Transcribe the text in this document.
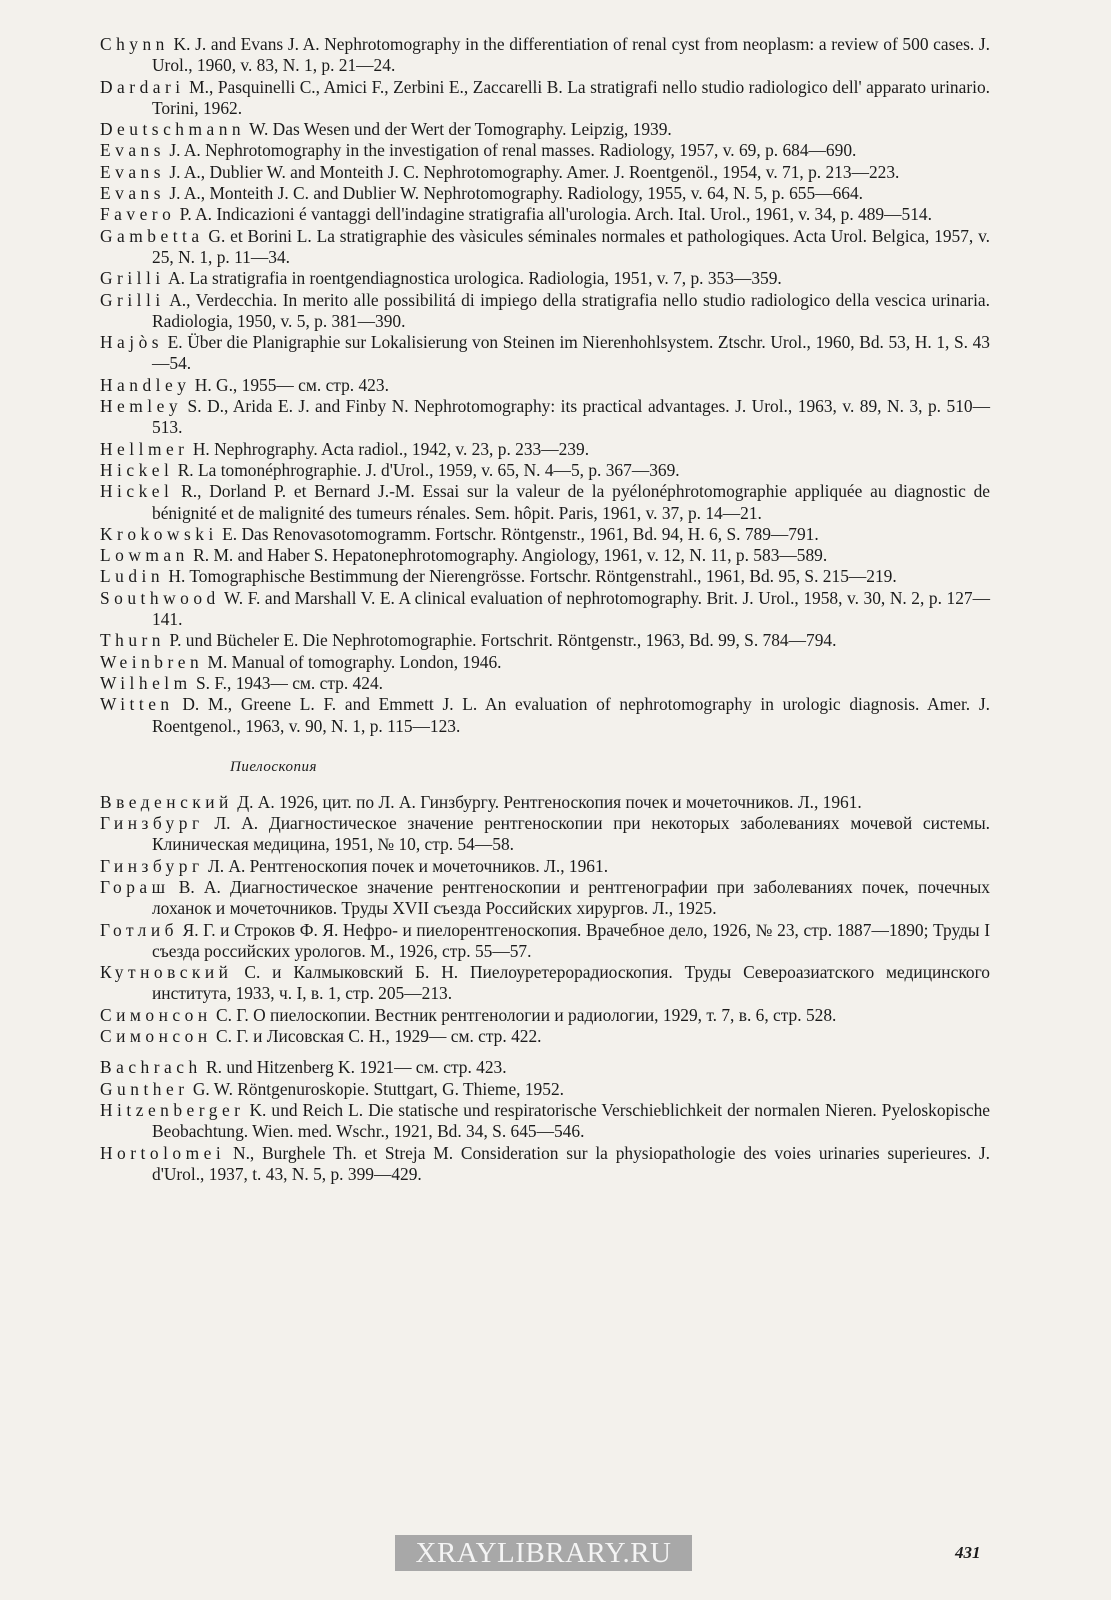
Chynn K. J. and Evans J. A. Nephrotomography in the differentiation of renal cyst from neoplasm: a review of 500 cases. J. Urol., 1960, v. 83, N. 1, p. 21—24.

Dardari M., Pasquinelli C., Amici F., Zerbini E., Zaccarelli B. La stratigrafi nello studio radiologico dell' apparato urinario. Torini, 1962.

Deutschmann W. Das Wesen und der Wert der Tomography. Leipzig, 1939.

Evans J. A. Nephrotomography in the investigation of renal masses. Radiology, 1957, v. 69, p. 684—690.

Evans J. A., Dublier W. and Monteith J. C. Nephrotomography. Amer. J. Roentgenöl., 1954, v. 71, p. 213—223.

Evans J. A., Monteith J. C. and Dublier W. Nephrotomography. Radiology, 1955, v. 64, N. 5, p. 655—664.

Favero P. A. Indicazioni é vantaggi dell'indagine stratigrafia all'urologia. Arch. Ital. Urol., 1961, v. 34, p. 489—514.

Gambetta G. et Borini L. La stratigraphie des vàsicules séminales normales et pathologiques. Acta Urol. Belgica, 1957, v. 25, N. 1, p. 11—34.

Grilli A. La stratigrafia in roentgendiagnostica urologica. Radiologia, 1951, v. 7, p. 353—359.

Grilli A., Verdecchia. In merito alle possibilitá di impiego della stratigrafia nello studio radiologico della vescica urinaria. Radiologia, 1950, v. 5, p. 381—390.

Hajòs E. Über die Planigraphie sur Lokalisierung von Steinen im Nierenhohlsystem. Ztschr. Urol., 1960, Bd. 53, H. 1, S. 43—54.

Handley H. G., 1955— см. стр. 423.

Hemley S. D., Arida E. J. and Finby N. Nephrotomography: its practical advantages. J. Urol., 1963, v. 89, N. 3, p. 510—513.

Hellmer H. Nephrography. Acta radiol., 1942, v. 23, p. 233—239.

Hickel R. La tomonéphrographie. J. d'Urol., 1959, v. 65, N. 4—5, p. 367—369.

Hickel R., Dorland P. et Bernard J.-M. Essai sur la valeur de la pyélonéphrotomographie appliquée au diagnostic de bénignité et de malignité des tumeurs rénales. Sem. hôpit. Paris, 1961, v. 37, p. 14—21.

Krokowski E. Das Renovasotomogramm. Fortschr. Röntgenstr., 1961, Bd. 94, H. 6, S. 789—791.

Lowman R. M. and Haber S. Hepatonephrotomography. Angiology, 1961, v. 12, N. 11, p. 583—589.

Ludin H. Tomographische Bestimmung der Nierengrösse. Fortschr. Röntgenstrahl., 1961, Bd. 95, S. 215—219.

Southwood W. F. and Marshall V. E. A clinical evaluation of nephrotomography. Brit. J. Urol., 1958, v. 30, N. 2, p. 127—141.

Thurn P. und Bücheler E. Die Nephrotomographie. Fortschrit. Röntgenstr., 1963, Bd. 99, S. 784—794.

Weinbren M. Manual of tomography. London, 1946.

Wilhelm S. F., 1943— см. стр. 424.

Witten D. M., Greene L. F. and Emmett J. L. An evaluation of nephrotomography in urologic diagnosis. Amer. J. Roentgenol., 1963, v. 90, N. 1, p. 115—123.

Пиелоскопия

Введенский Д. А. 1926, цит. по Л. А. Гинзбургу. Рентгеноскопия почек и мочеточников. Л., 1961.

Гинзбург Л. А. Диагностическое значение рентгеноскопии при некоторых заболеваниях мочевой системы. Клиническая медицина, 1951, № 10, стр. 54—58.

Гинзбург Л. А. Рентгеноскопия почек и мочеточников. Л., 1961.

Гораш В. А. Диагностическое значение рентгеноскопии и рентгенографии при заболеваниях почек, почечных лоханок и мочеточников. Труды XVII съезда Российских хирургов. Л., 1925.

Готлиб Я. Г. и Строков Ф. Я. Нефро- и пиелорентгеноскопия. Врачебное дело, 1926, № 23, стр. 1887—1890; Труды I съезда российских урологов. М., 1926, стр. 55—57.

Кутновский С. и Калмыковский Б. Н. Пиелоуретерорадиоскопия. Труды Североазиатского медицинского института, 1933, ч. I, в. 1, стр. 205—213.

Симонсон С. Г. О пиелоскопии. Вестник рентгенологии и радиологии, 1929, т. 7, в. 6, стр. 528.

Симонсон С. Г. и Лисовская С. Н., 1929— см. стр. 422.

Bachrach R. und Hitzenberg K. 1921— см. стр. 423.

Gunther G. W. Röntgenuroskopie. Stuttgart, G. Thieme, 1952.

Hitzenberger K. und Reich L. Die statische und respiratorische Verschieblichkeit der normalen Nieren. Pyeloskopische Beobachtung. Wien. med. Wschr., 1921, Bd. 34, S. 645—546.

Hortolomei N., Burghele Th. et Streja M. Consideration sur la physiopathologie des voies urinaries superieures. J. d'Urol., 1937, t. 43, N. 5, p. 399—429.

431
XRAYLIBRARY.RU
